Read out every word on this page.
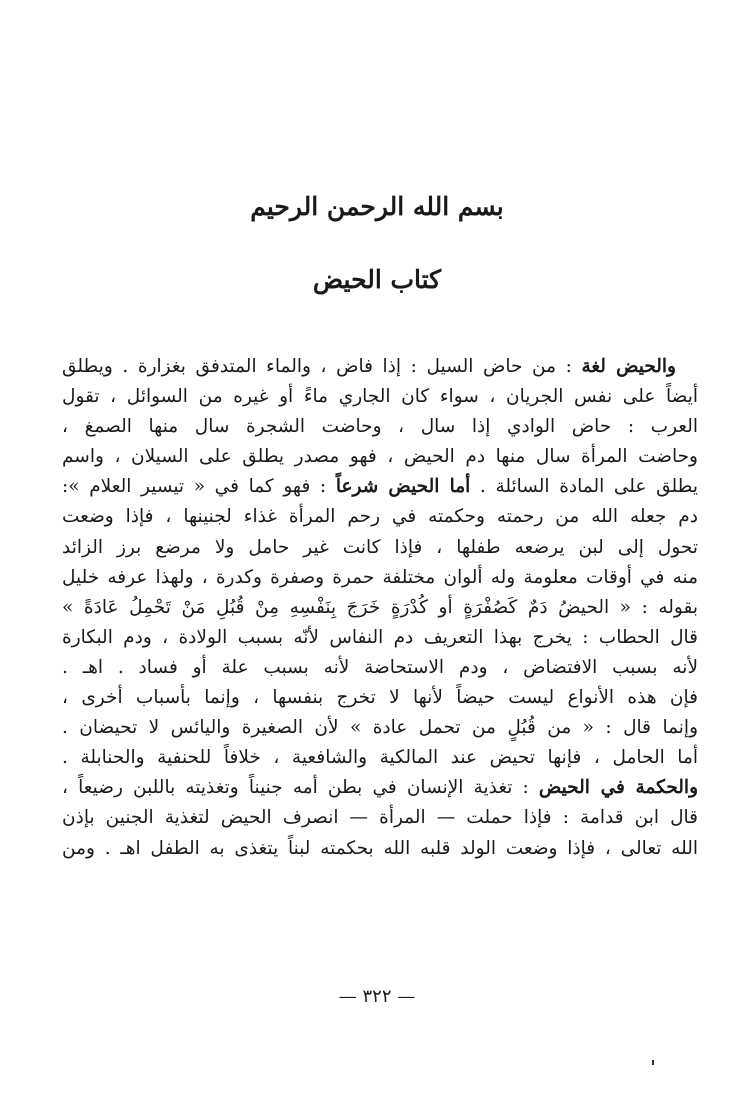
بسم الله الرحمن الرحيم
كتاب الحيض
والحيض لغة : من حاض السيل : إذا فاض ، والماء المتدفق بغزارة . ويطلق
أيضاً على نفس الجريان ، سواء كان الجاري ماءً أو غيره من السوائل ، تقول
العرب : حاض الوادي إذا سال ، وحاضت الشجرة سال منها الصمغ ،
وحاضت المرأة سال منها دم الحيض ، فهو مصدر يطلق على السيلان ، واسم
يطلق على المادة السائلة . أما الحيض شرعاً : فهو كما في « تيسير العلام »:
دم جعله الله من رحمته وحكمته في رحم المرأة غذاء لجنينها ، فإذا وضعت
تحول إلى لبن يرضعه طفلها ، فإذا كانت غير حامل ولا مرضع برز الزائد
منه في أوقات معلومة وله ألوان مختلفة حمرة وصفرة وكدرة ، ولهذا عرفه خليل
بقوله : « الحيضُ دَمٌ كَصُفْرَةٍ أو كُدْرَةٍ خَرَجَ بِنَفْسِهِ مِنْ قُبُلِ مَنْ تَحْمِلُ عَادَةً »
قال الحطاب : يخرج بهذا التعريف دم النفاس لأنّه بسبب الولادة ، ودم البكارة
لأنه بسبب الافتضاض ، ودم الاستحاضة لأنه بسبب علة أو فساد . اهـ .
فإن هذه الأنواع ليست حيضاً لأنها لا تخرج بنفسها ، وإنما بأسباب أخرى ،
وإنما قال : « من قُبُلٍ من تحمل عادة » لأن الصغيرة واليائس لا تحيضان .
أما الحامل ، فإنها تحيض عند المالكية والشافعية ، خلافاً للحنفية والحنابلة .
والحكمة في الحيض : تغذية الإنسان في بطن أمه جنيناً وتغذيته باللبن رضيعاً ،
قال ابن قدامة : فإذا حملت — المرأة — انصرف الحيض لتغذية الجنين بإذن
الله تعالى ، فإذا وضعت الولد قلبه الله بحكمته لبناً يتغذى به الطفل اهـ . ومن
— ٣٢٢ —
